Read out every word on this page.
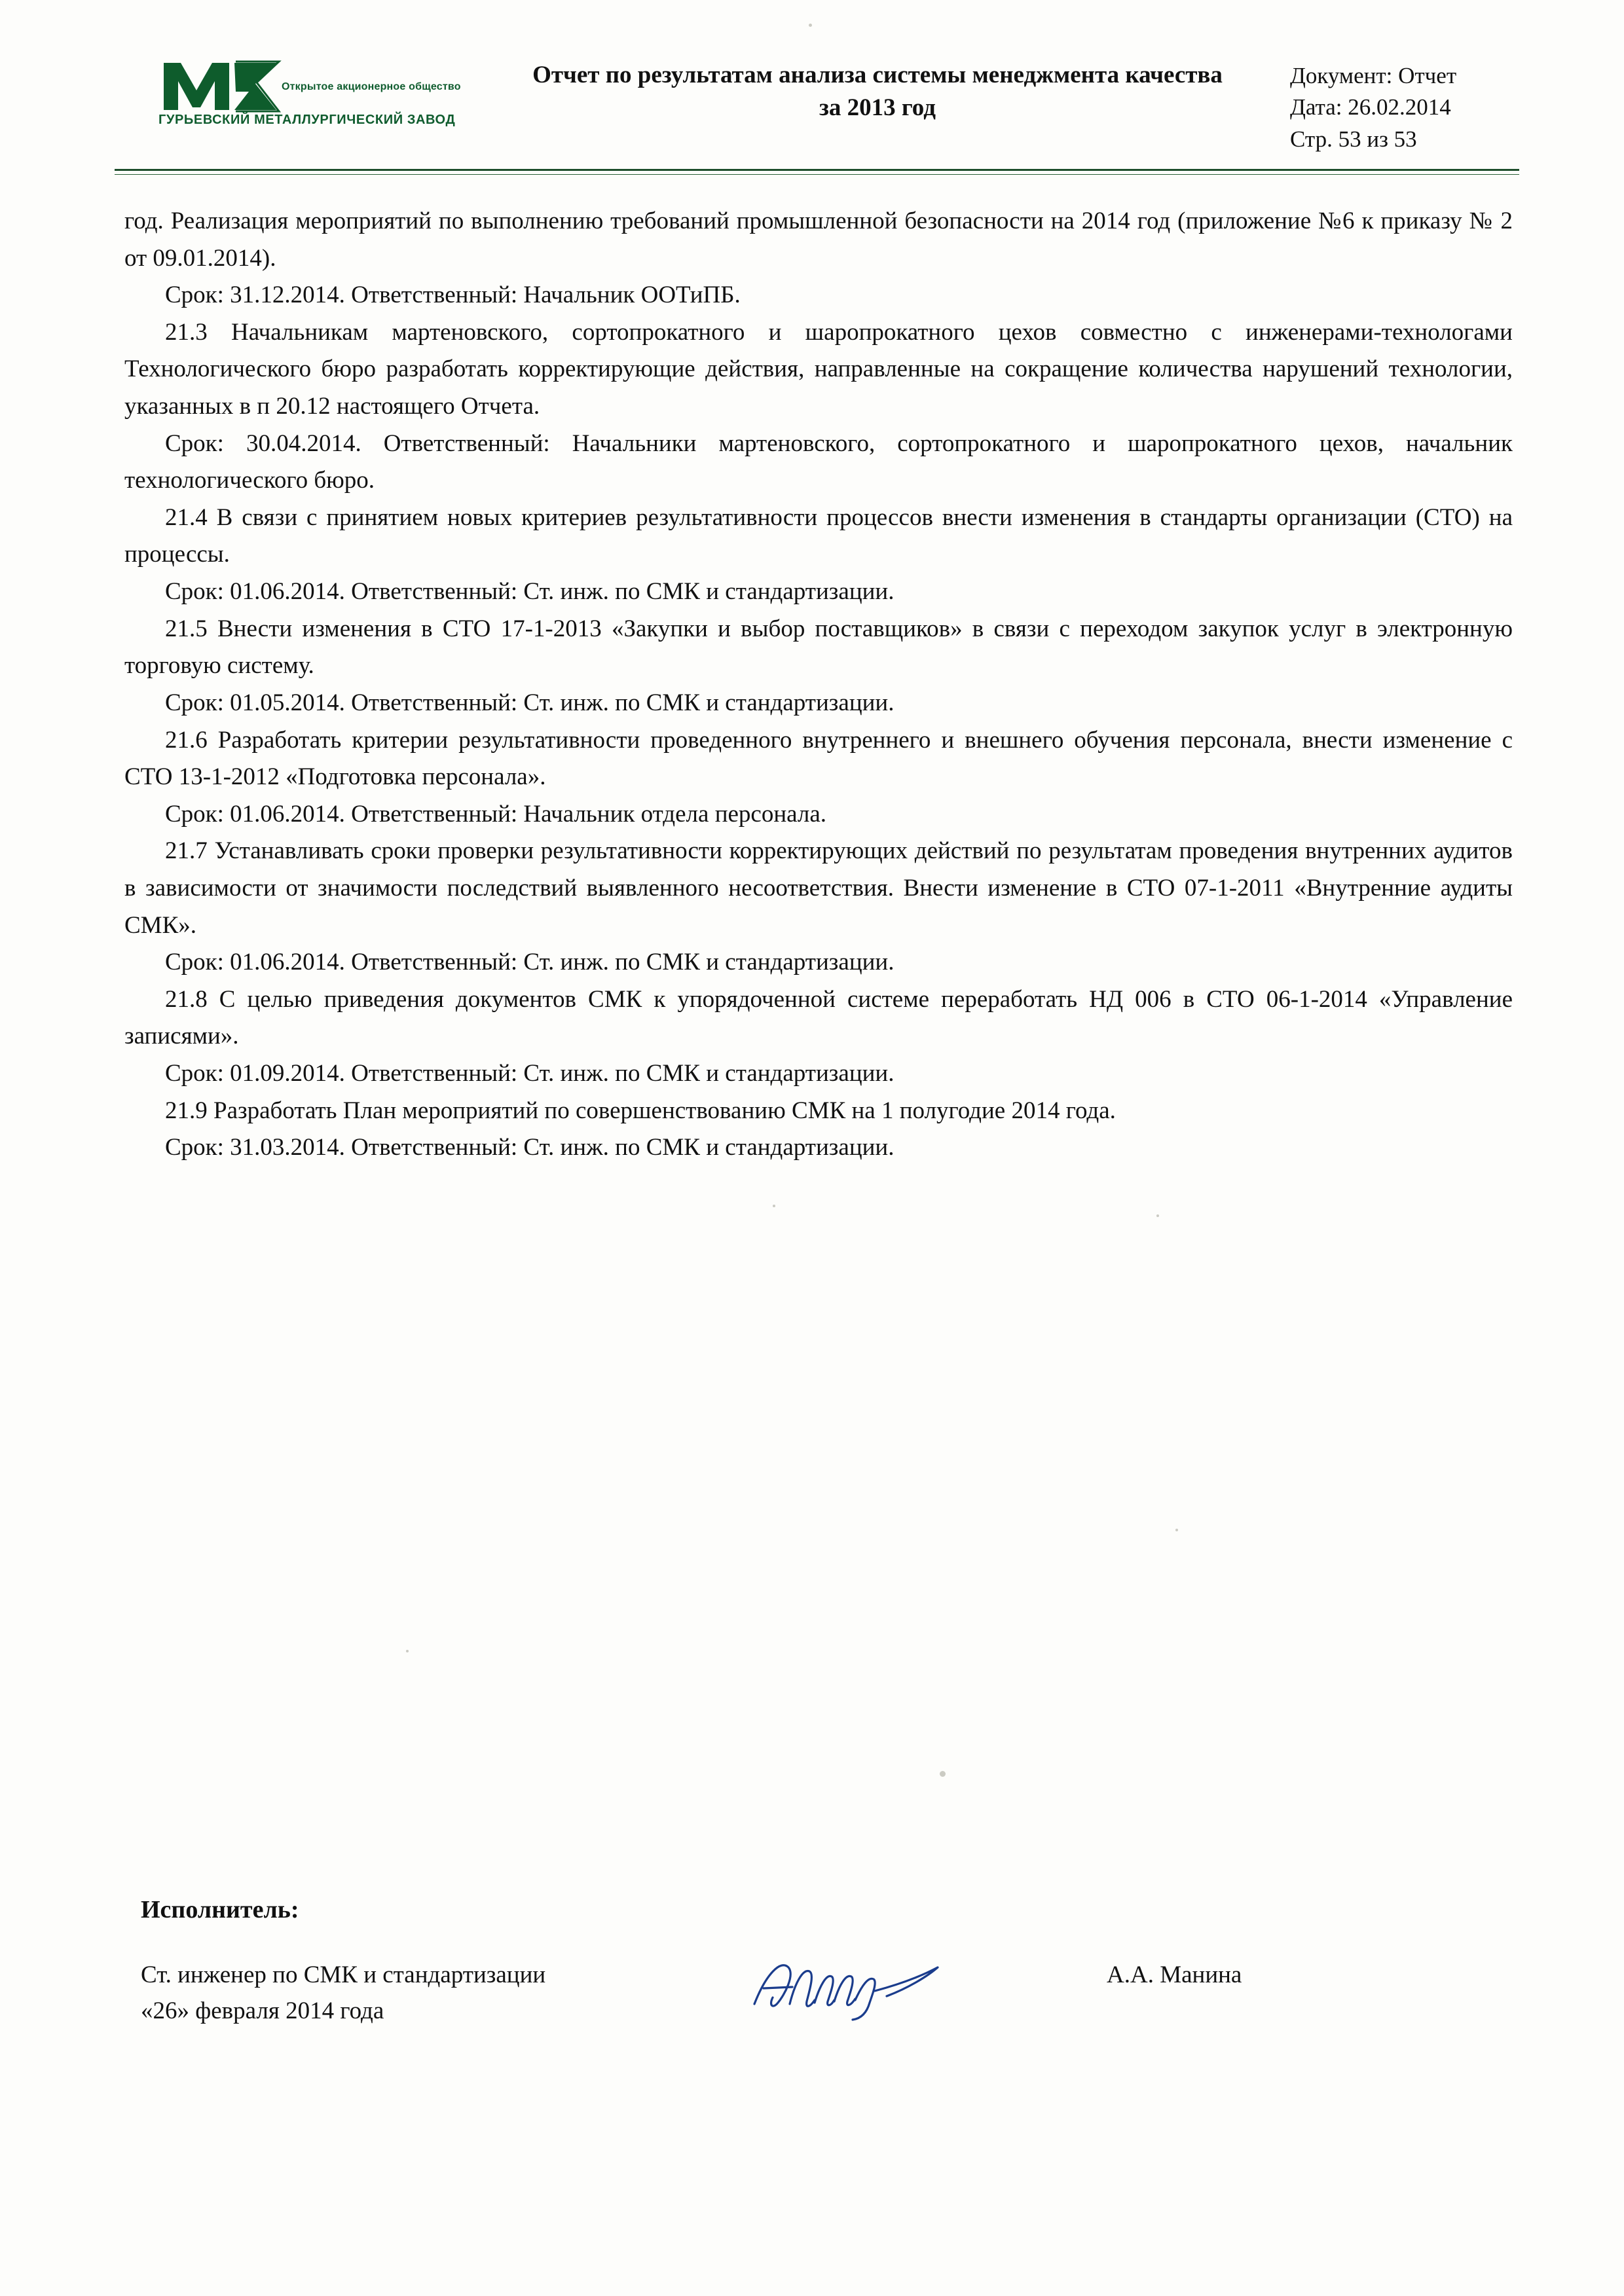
Открытое акционерное общество
ГУРЬЕВСКИЙ МЕТАЛЛУРГИЧЕСКИЙ ЗАВОД
Отчет по результатам анализа системы менеджмента качества за 2013 год
Документ: Отчет
Дата: 26.02.2014
Стр. 53 из 53

год. Реализация мероприятий по выполнению требований промышленной безопасности на 2014 год (приложение №6 к приказу № 2 от 09.01.2014).

Срок: 31.12.2014. Ответственный: Начальник ООТиПБ.

21.3 Начальникам мартеновского, сортопрокатного и шаропрокатного цехов совместно с инженерами-технологами Технологического бюро разработать корректирующие действия, направленные на сокращение количества нарушений технологии, указанных в п 20.12 настоящего Отчета.

Срок: 30.04.2014. Ответственный: Начальники мартеновского, сортопрокатного и шаропрокатного цехов, начальник технологического бюро.

21.4 В связи с принятием новых критериев результативности процессов внести изменения в стандарты организации (СТО) на процессы.

Срок: 01.06.2014. Ответственный: Ст. инж. по СМК и стандартизации.

21.5 Внести изменения в СТО 17-1-2013 «Закупки и выбор поставщиков» в связи с переходом закупок услуг в электронную торговую систему.

Срок: 01.05.2014. Ответственный: Ст. инж. по СМК и стандартизации.

21.6 Разработать критерии результативности проведенного внутреннего и внешнего обучения персонала, внести изменение с СТО 13-1-2012 «Подготовка персонала».

Срок: 01.06.2014. Ответственный: Начальник отдела персонала.

21.7 Устанавливать сроки проверки результативности корректирующих действий по результатам проведения внутренних аудитов в зависимости от значимости последствий выявленного несоответствия. Внести изменение в СТО 07-1-2011 «Внутренние аудиты СМК».

Срок: 01.06.2014. Ответственный: Ст. инж. по СМК и стандартизации.

21.8 С целью приведения документов СМК к упорядоченной системе переработать НД 006 в СТО 06-1-2014 «Управление записями».

Срок: 01.09.2014. Ответственный: Ст. инж. по СМК и стандартизации.

21.9 Разработать План мероприятий по совершенствованию СМК на 1 полугодие 2014 года.

Срок: 31.03.2014. Ответственный: Ст. инж. по СМК и стандартизации.

Исполнитель:
Ст. инженер по СМК и стандартизации
«26» февраля 2014 года
А.А. Манина
